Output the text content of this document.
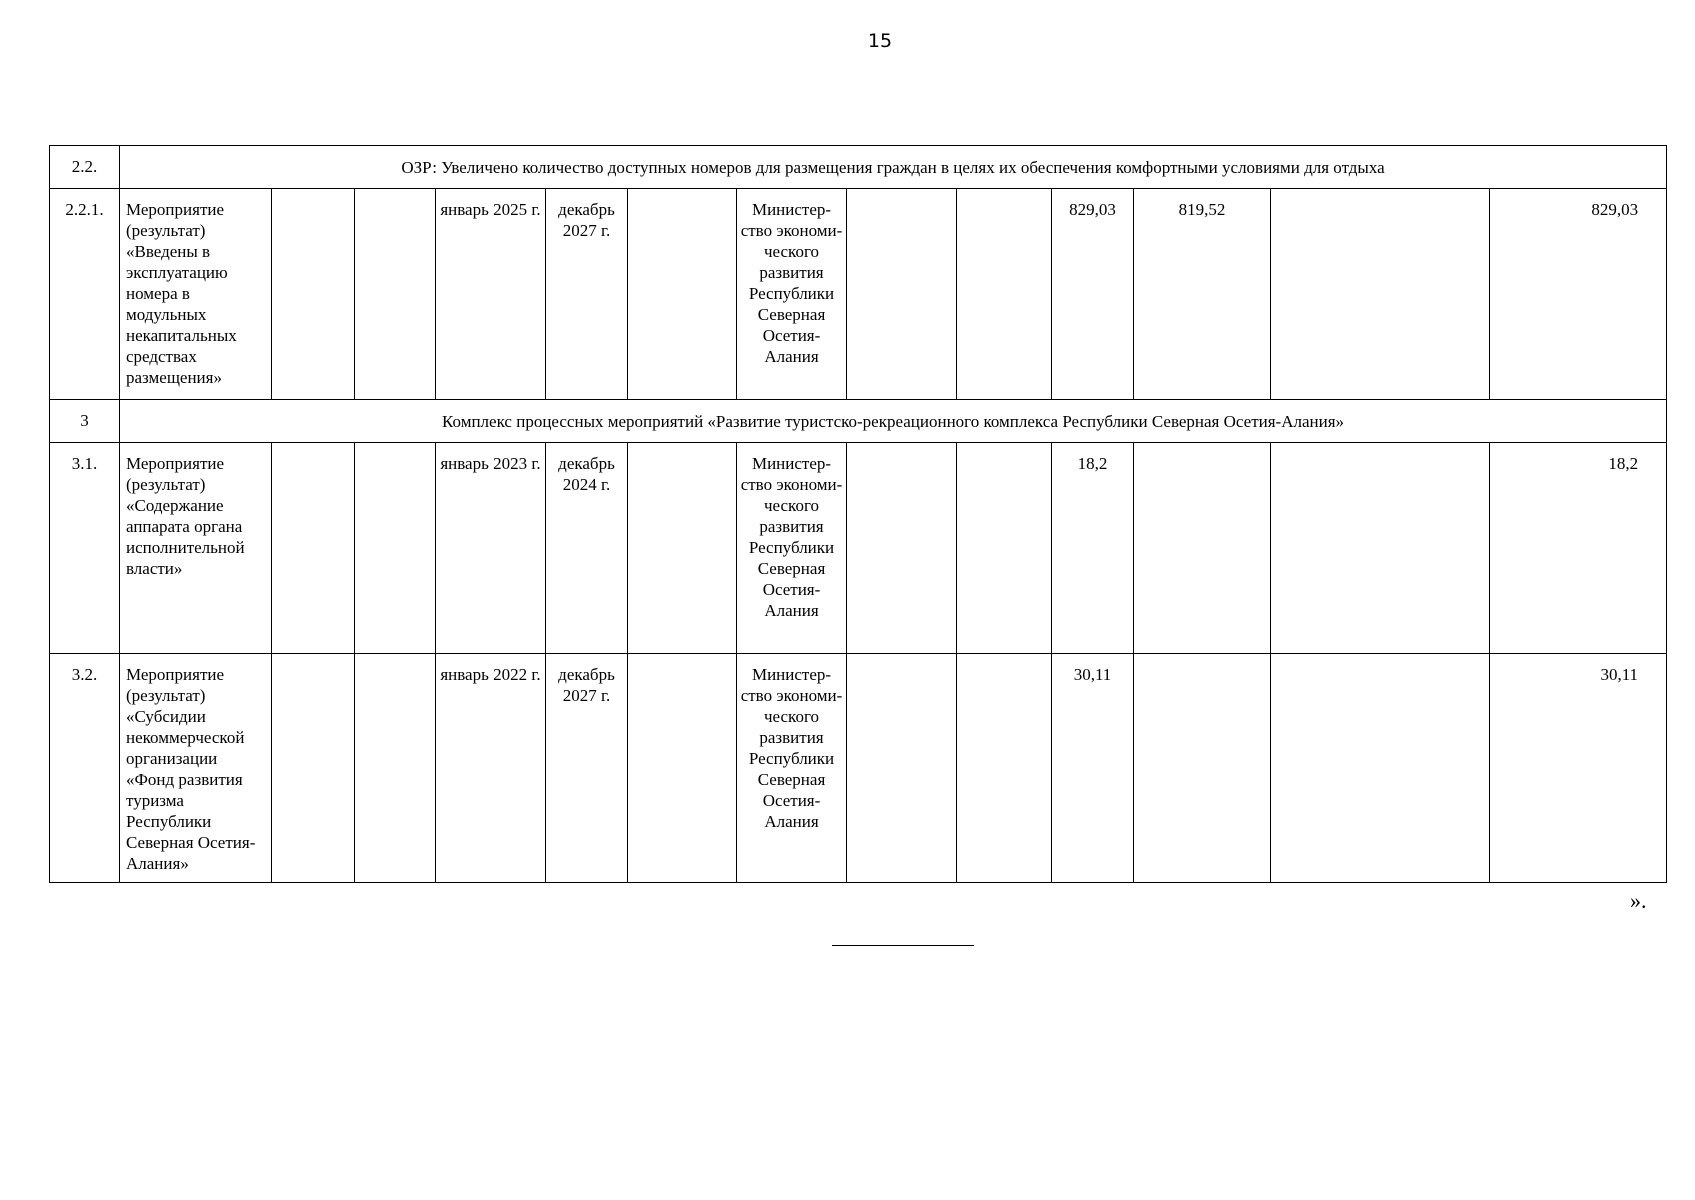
15
2.2.	ОЗР: Увеличено количество доступных номеров для размещения граждан в целях их обеспечения комфортными условиями для отдыха												
2.2.1.	Мероприятие (результат) «Введены в эксплуатацию номера в модульных некапитальных средствах размещения»			январь 2025 г.	декабрь 2027 г.		Министер-ство экономи-ческого развития Республики Северная Осетия-Алания			829,03	819,52		829,03
3	Комплекс процессных мероприятий «Развитие туристско-рекреационного комплекса Республики Северная Осетия-Алания»												
3.1.	Мероприятие (результат) «Содержание аппарата органа исполнительной власти»			январь 2023 г.	декабрь 2024 г.		Министер-ство экономи-ческого развития Республики Северная Осетия-Алания			18,2			18,2
3.2.	Мероприятие (результат) «Субсидии некоммерческой организации «Фонд развития туризма Республики Северная Осетия-Алания»			январь 2022 г.	декабрь 2027 г.		Министер-ство экономи-ческого развития Республики Северная Осетия-Алания			30,11			30,11
».
